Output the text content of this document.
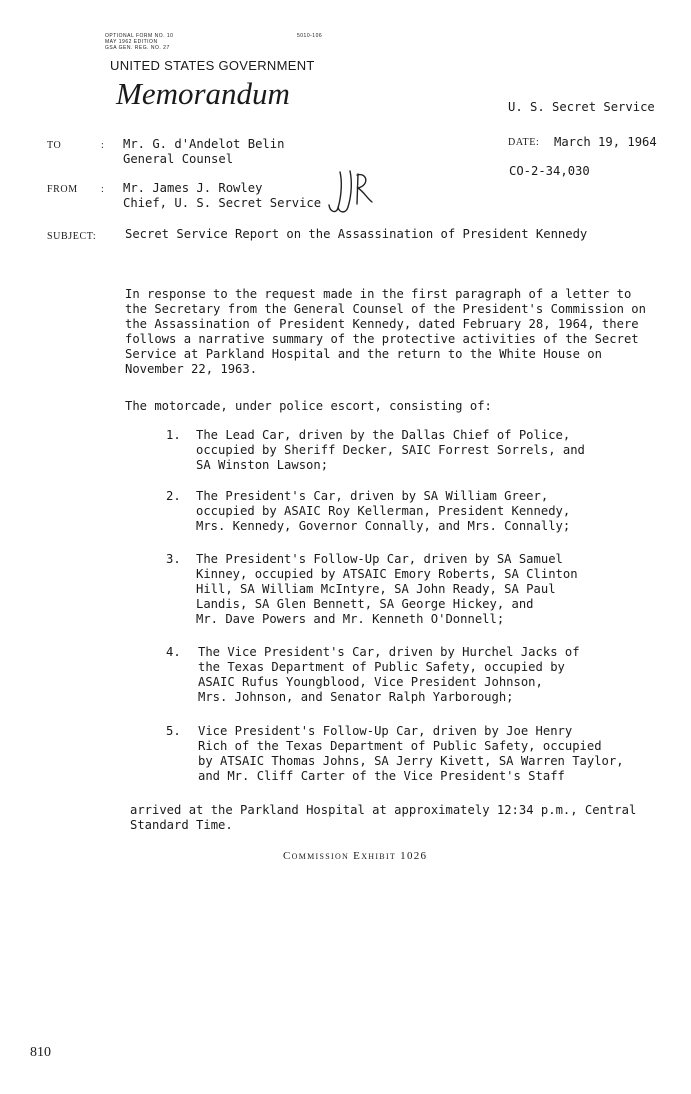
OPTIONAL FORM NO. 10
MAY 1962 EDITION
GSA GEN. REG. NO. 27
5010-106
UNITED STATES GOVERNMENT
Memorandum	U. S. Secret Service
DATE: March 19, 1964
CO-2-34,030
TO	: Mr. G. d'Andelot Belin
General Counsel
FROM : Mr. James J. Rowley
Chief, U. S. Secret Service
SUBJECT: Secret Service Report on the Assassination of President Kennedy
In response to the request made in the first paragraph of a letter to
the Secretary from the General Counsel of the President's Commission on
the Assassination of President Kennedy, dated February 28, 1964, there
follows a narrative summary of the protective activities of the Secret
Service at Parkland Hospital and the return to the White House on
November 22, 1963.
The motorcade, under police escort, consisting of:
1. The Lead Car, driven by the Dallas Chief of Police,
occupied by Sheriff Decker, SAIC Forrest Sorrels, and
SA Winston Lawson;
2. The President's Car, driven by SA William Greer,
occupied by ASAIC Roy Kellerman, President Kennedy,
Mrs. Kennedy, Governor Connally, and Mrs. Connally;
3. The President's Follow-Up Car, driven by SA Samuel
Kinney, occupied by ATSAIC Emory Roberts, SA Clinton
Hill, SA William McIntyre, SA John Ready, SA Paul
Landis, SA Glen Bennett, SA George Hickey, and
Mr. Dave Powers and Mr. Kenneth O'Donnell;
4. The Vice President's Car, driven by Hurchel Jacks of
the Texas Department of Public Safety, occupied by
ASAIC Rufus Youngblood, Vice President Johnson,
Mrs. Johnson, and Senator Ralph Yarborough;
5. Vice President's Follow-Up Car, driven by Joe Henry
Rich of the Texas Department of Public Safety, occupied
by ATSAIC Thomas Johns, SA Jerry Kivett, SA Warren Taylor,
and Mr. Cliff Carter of the Vice President's Staff
arrived at the Parkland Hospital at approximately 12:34 p.m., Central
Standard Time.
Commission Exhibit 1026
810
